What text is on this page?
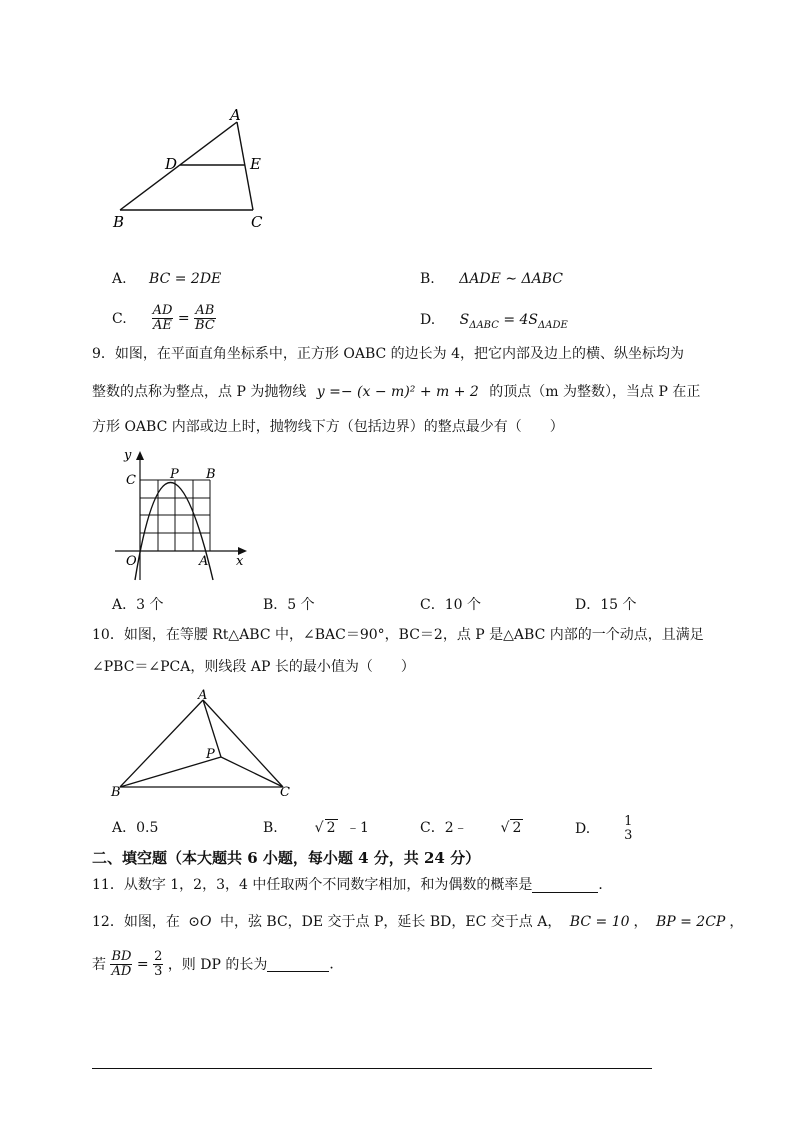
A
D	E
B	C
A. BC = 2DE	B. ΔADE ∼ ΔABC
C. $\frac{AD}{AE} = \frac{AB}{BC}$	D. $S_{\Delta ABC} = 4S_{\Delta ADE}$
9．如图，在平面直角坐标系中，正方形 OABC 的边长为 4，把它内部及边上的横、纵坐标均为
整数的点称为整点，点 P 为抛物线 y =− (x − m)² + m + 2 的顶点（m 为整数），当点 P 在正
方形 OABC 内部或边上时，抛物线下方（包括边界）的整点最少有（　　）
y
C	P B
O	A x
A．3 个	B．5 个	C．10 个	D．15 个
10．如图，在等腰 Rt△ABC 中，∠BAC＝90°，BC＝2，点 P 是△ABC 内部的一个动点，且满足
∠PBC＝∠PCA，则线段 AP 长的最小值为（　　）
A
P
B	C
A．0.5	B.	√ 2 ﹣1	C．2﹣ √ 2	D.	1
3
二、填空题（本大题共 6 小题，每小题 4 分，共 24 分）
11．从数字 1，2，3，4 中任取两个不同数字相加，和为偶数的概率是	．
12．如图，在 ⊙O 中，弦 BC，DE 交于点 P，延长 BD，EC 交于点 A， BC = 10 ， BP = 2CP ，
若 $\frac{BD}{AD} = \frac{2}{3}$ ，则 DP 的长为	．
